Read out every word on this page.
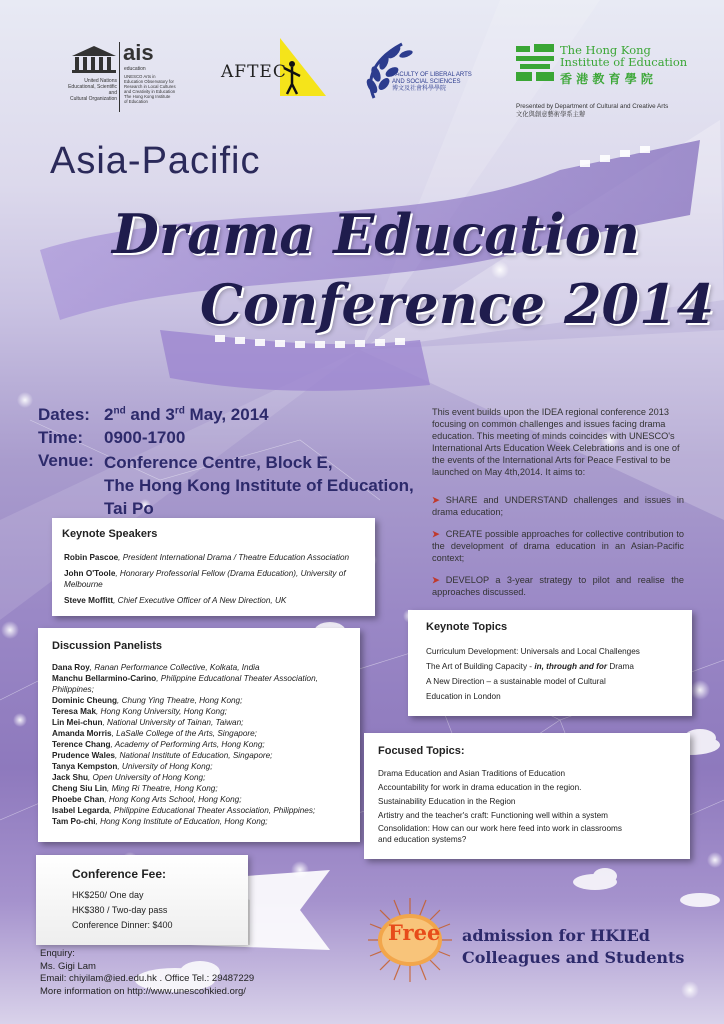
United Nations
Educational, Scientific and
Cultural Organization
ais
education
UNESCO Arts in
Education Observatory for
Research in Local Cultures
and Creativity in Education
The Hong Kong Institute
of Education
AFTEC	FACULTY OF LIBERAL ARTS
AND SOCIAL SCIENCES
博文及社會科學學院
The Hong Kong
Institute of Education
香 港 教 育 學 院
Presented by Department of Cultural and Creative Arts
文化與創意藝術學系主辦
Asia-Pacific
Drama Education
Conference 2014
Dates: 2nd and 3rd May, 2014
Time: 0900-1700
Venue: Conference Centre, Block E,
The Hong Kong Institute of Education,
Tai Po
This event builds upon the IDEA regional conference 2013 focusing on common challenges and issues facing drama education. This meeting of minds coincides with UNESCO's International Arts Education Week Celebrations and is one of the events of the International Arts for Peace Festival to be launched on May 4th,2014. It aims to:
➤ SHARE and UNDERSTAND challenges and issues in drama education;
➤ CREATE possible approaches for collective contribution to the development of drama education in an Asian-Pacific context;
➤ DEVELOP a 3-year strategy to pilot and realise the approaches discussed.
Keynote Speakers
Robin Pascoe, President International Drama / Theatre Education Association
John O'Toole, Honorary Professorial Fellow (Drama Education), University of Melbourne
Steve Moffitt, Chief Executive Officer of A New Direction, UK
Discussion Panelists
Dana Roy, Ranan Performance Collective, Kolkata, India
Manchu Bellarmino-Carino, Philippine Educational Theater Association, Philippines;
Dominic Cheung, Chung Ying Theatre, Hong Kong;
Teresa Mak, Hong Kong University, Hong Kong;
Lin Mei-chun, National University of Tainan, Taiwan;
Amanda Morris, LaSalle College of the Arts, Singapore;
Terence Chang, Academy of Performing Arts, Hong Kong;
Prudence Wales, National Institute of Education, Singapore;
Tanya Kempston, University of Hong Kong;
Jack Shu, Open University of Hong Kong;
Cheng Siu Lin, Ming Ri Theatre, Hong Kong;
Phoebe Chan, Hong Kong Arts School, Hong Kong;
Isabel Legarda, Philippine Educational Theater Association, Philippines;
Tam Po-chi, Hong Kong Institute of Education, Hong Kong;
Keynote Topics
Curriculum Development: Universals and Local Challenges
The Art of Building Capacity - in, through and for Drama
A New Direction – a sustainable model of Cultural
Education in London
Focused Topics:
Drama Education and Asian Traditions of Education
Accountability for work in drama education in the region.
Sustainability Education in the Region
Artistry and the teacher's craft: Functioning well within a system
Consolidation: How can our work here feed into work in classrooms
and education systems?
Conference Fee:
HK$250/ One day
HK$380 / Two-day pass
Conference Dinner: $400
Enquiry:
Ms. Gigi Lam
Email: chiyilam@ied.edu.hk . Office Tel.: 29487229
More information on http://www.unescohkied.org/
Free admission for HKIEd
Colleagues and Students
